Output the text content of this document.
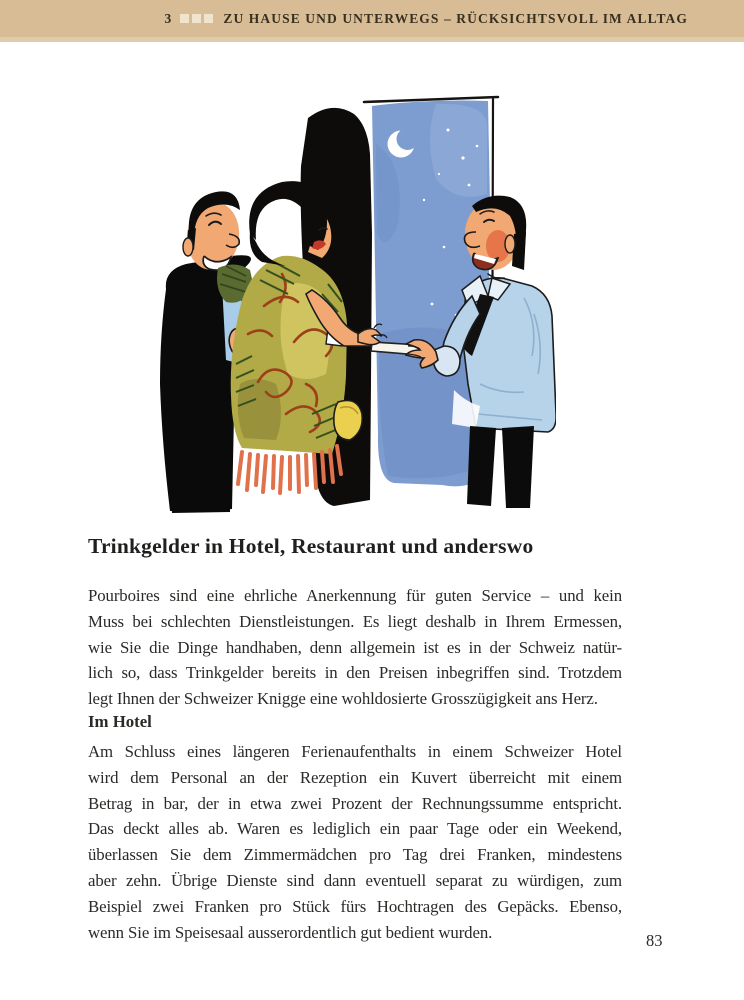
3	ZU HAUSE UND UNTERWEGS – RÜCKSICHTSVOLL IM ALLTAG
Trinkgelder in Hotel, Restaurant und anderswo
Pourboires sind eine ehrliche Anerkennung für guten Service – und kein
Muss bei schlechten Dienstleistungen. Es liegt deshalb in Ihrem Ermessen,
wie Sie die Dinge handhaben, denn allgemein ist es in der Schweiz natür-
lich so, dass Trinkgelder bereits in den Preisen inbegriffen sind. Trotzdem
legt Ihnen der Schweizer Knigge eine wohldosierte Grosszügigkeit ans Herz.
Im Hotel
Am Schluss eines längeren Ferienaufenthalts in einem Schweizer Hotel
wird dem Personal an der Rezeption ein Kuvert überreicht mit einem
Betrag in bar, der in etwa zwei Prozent der Rechnungssumme entspricht.
Das deckt alles ab. Waren es lediglich ein paar Tage oder ein Weekend,
überlassen Sie dem Zimmermädchen pro Tag drei Franken, mindestens
aber zehn. Übrige Dienste sind dann eventuell separat zu würdigen, zum
Beispiel zwei Franken pro Stück fürs Hochtragen des Gepäcks. Ebenso,
wenn Sie im Speisesaal ausserordentlich gut bedient wurden.	83
